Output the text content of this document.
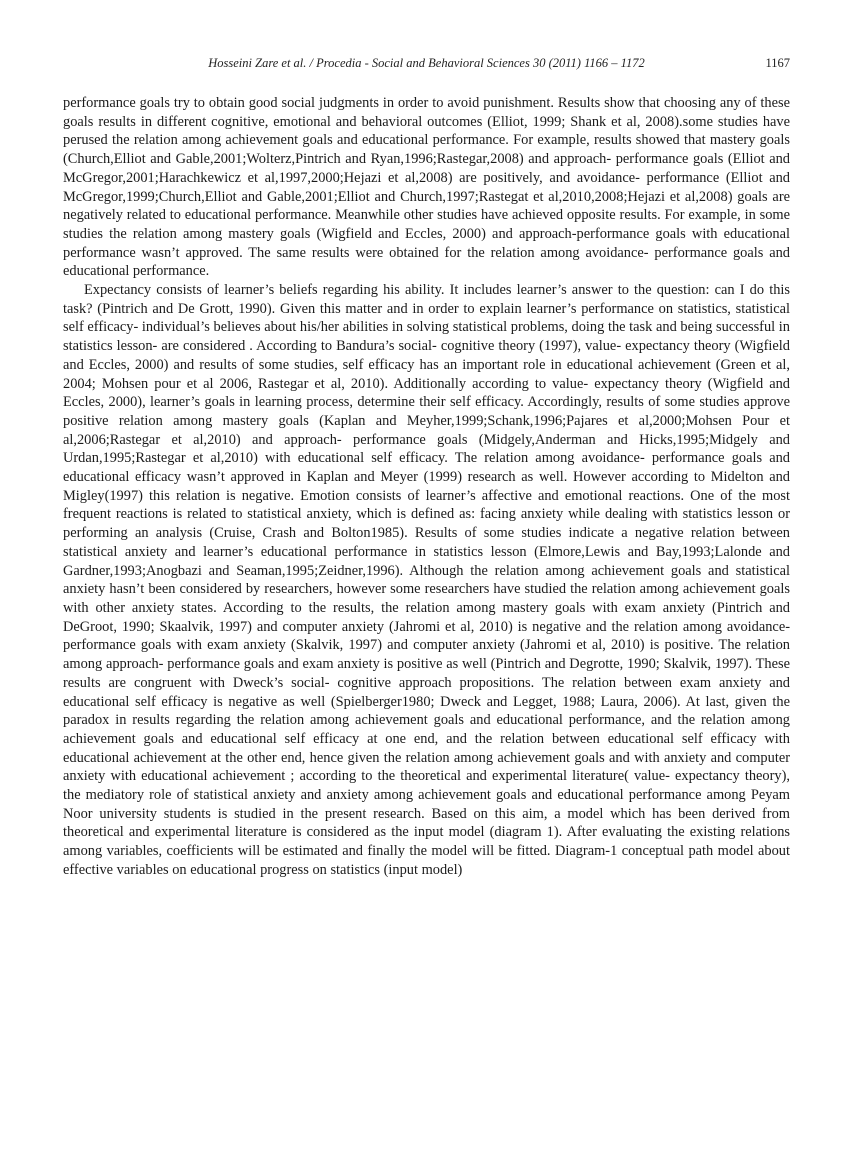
Hosseini Zare et al. / Procedia - Social and Behavioral Sciences 30 (2011) 1166 – 1172	1167

performance goals try to obtain good social judgments in order to avoid punishment. Results show that choosing any of these goals results in different cognitive, emotional and behavioral outcomes (Elliot, 1999; Shank et al, 2008).some studies have perused the relation among achievement goals and educational performance. For example, results showed that mastery goals (Church,Elliot and Gable,2001;Wolterz,Pintrich and Ryan,1996;Rastegar,2008) and approach- performance goals (Elliot and McGregor,2001;Harachkewicz et al,1997,2000;Hejazi et al,2008) are positively, and avoidance- performance (Elliot and McGregor,1999;Church,Elliot and Gable,2001;Elliot and Church,1997;Rastegat et al,2010,2008;Hejazi et al,2008) goals are negatively related to educational performance. Meanwhile other studies have achieved opposite results. For example, in some studies the relation among mastery goals (Wigfield and Eccles, 2000) and approach-performance goals with educational performance wasn’t approved. The same results were obtained for the relation among avoidance- performance goals and educational performance.

Expectancy consists of learner’s beliefs regarding his ability. It includes learner’s answer to the question: can I do this task? (Pintrich and De Grott, 1990). Given this matter and in order to explain learner’s performance on statistics, statistical self efficacy- individual’s believes about his/her abilities in solving statistical problems, doing the task and being successful in statistics lesson- are considered . According to Bandura’s social- cognitive theory (1997), value- expectancy theory (Wigfield and Eccles, 2000) and results of some studies, self efficacy has an important role in educational achievement (Green et al, 2004; Mohsen pour et al 2006, Rastegar et al, 2010). Additionally according to value- expectancy theory (Wigfield and Eccles, 2000), learner’s goals in learning process, determine their self efficacy. Accordingly, results of some studies approve positive relation among mastery goals (Kaplan and Meyher,1999;Schank,1996;Pajares et al,2000;Mohsen Pour et al,2006;Rastegar et al,2010) and approach- performance goals (Midgely,Anderman and Hicks,1995;Midgely and Urdan,1995;Rastegar et al,2010) with educational self efficacy. The relation among avoidance- performance goals and educational efficacy wasn’t approved in Kaplan and Meyer (1999) research as well. However according to Midelton and Migley(1997) this relation is negative. Emotion consists of learner’s affective and emotional reactions. One of the most frequent reactions is related to statistical anxiety, which is defined as: facing anxiety while dealing with statistics lesson or performing an analysis (Cruise, Crash and Bolton1985). Results of some studies indicate a negative relation between statistical anxiety and learner’s educational performance in statistics lesson (Elmore,Lewis and Bay,1993;Lalonde and Gardner,1993;Anogbazi and Seaman,1995;Zeidner,1996). Although the relation among achievement goals and statistical anxiety hasn’t been considered by researchers, however some researchers have studied the relation among achievement goals with other anxiety states. According to the results, the relation among mastery goals with exam anxiety (Pintrich and DeGroot, 1990; Skaalvik, 1997) and computer anxiety (Jahromi et al, 2010) is negative and the relation among avoidance- performance goals with exam anxiety (Skalvik, 1997) and computer anxiety (Jahromi et al, 2010) is positive. The relation among approach- performance goals and exam anxiety is positive as well (Pintrich and Degrotte, 1990; Skalvik, 1997). These results are congruent with Dweck’s social- cognitive approach propositions. The relation between exam anxiety and educational self efficacy is negative as well (Spielberger1980; Dweck and Legget, 1988; Laura, 2006). At last, given the paradox in results regarding the relation among achievement goals and educational performance, and the relation among achievement goals and educational self efficacy at one end, and the relation between educational self efficacy with educational achievement at the other end, hence given the relation among achievement goals and with anxiety and computer anxiety with educational achievement ; according to the theoretical and experimental literature( value- expectancy theory), the mediatory role of statistical anxiety and anxiety among achievement goals and educational performance among Peyam Noor university students is studied in the present research. Based on this aim, a model which has been derived from theoretical and experimental literature is considered as the input model (diagram 1). After evaluating the existing relations among variables, coefficients will be estimated and finally the model will be fitted. Diagram-1 conceptual path model about effective variables on educational progress on statistics (input model)
